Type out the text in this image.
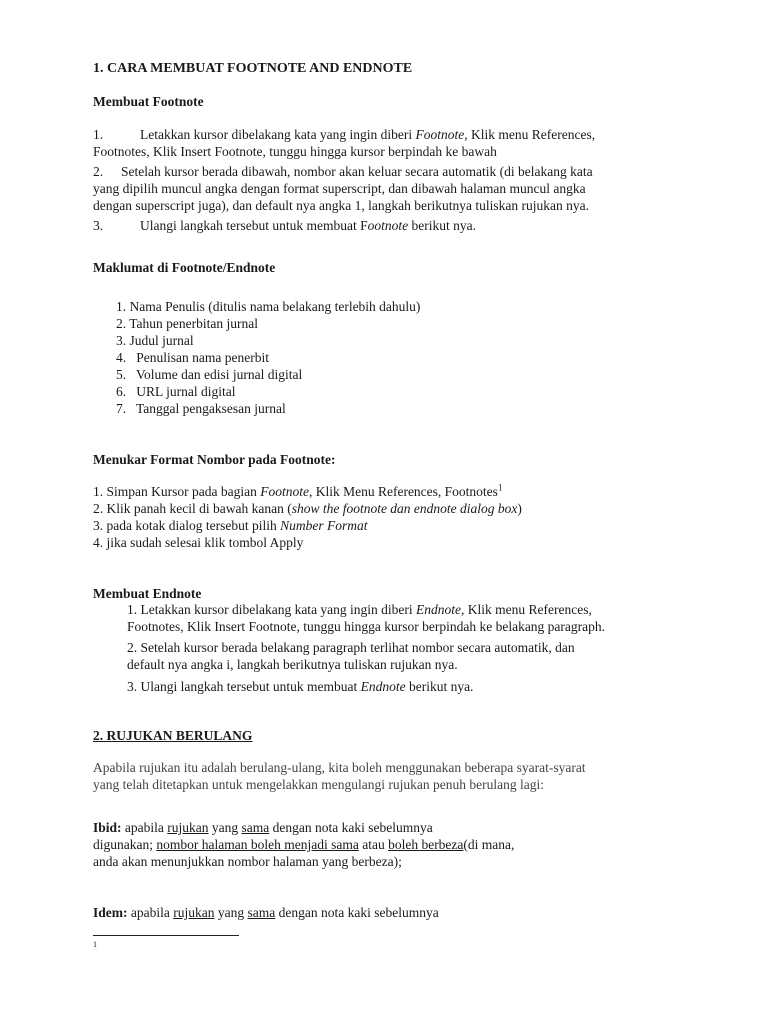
1. CARA MEMBUAT FOOTNOTE AND ENDNOTE
Membuat Footnote

1.	Letakkan kursor dibelakang kata yang ingin diberi Footnote, Klik menu References,

Footnotes, Klik Insert Footnote, tunggu hingga kursor berpindah ke bawah

2. Setelah kursor berada dibawah, nombor akan keluar secara automatik (di belakang kata

yang dipilih muncul angka dengan format superscript, dan dibawah halaman muncul angka

dengan superscript juga), dan default nya angka 1, langkah berikutnya tuliskan rujukan nya.

3.	Ulangi langkah tersebut untuk membuat Footnote berikut nya.

Maklumat di Footnote/Endnote
1. Nama Penulis (ditulis nama belakang terlebih dahulu)
2. Tahun penerbitan jurnal
3. Judul jurnal
4.   Penulisan nama penerbit
5.   Volume dan edisi jurnal digital
6.   URL jurnal digital
7.   Tanggal pengaksesan jurnal
Menukar Format Nombor pada Footnote:

1. Simpan Kursor pada bagian Footnote, Klik Menu References, Footnotes$^1$

2. Klik panah kecil di bawah kanan (show the footnote dan endnote dialog box)

3. pada kotak dialog tersebut pilih Number Format

4. jika sudah selesai klik tombol Apply

Membuat Endnote

1. Letakkan kursor dibelakang kata yang ingin diberi Endnote, Klik menu References,

Footnotes, Klik Insert Footnote, tunggu hingga kursor berpindah ke belakang paragraph.

2. Setelah kursor berada belakang paragraph terlihat nombor secara automatik, dan

default nya angka i, langkah berikutnya tuliskan rujukan nya.

3. Ulangi langkah tersebut untuk membuat Endnote berikut nya.

2. RUJUKAN BERULANG

Apabila rujukan itu adalah berulang-ulang, kita boleh menggunakan beberapa syarat-syarat

yang telah ditetapkan untuk mengelakkan mengulangi rujukan penuh berulang lagi:

Ibid: apabila rujukan yang sama dengan nota kaki sebelumnya

digunakan; nombor halaman boleh menjadi sama atau boleh berbeza(di mana,

anda akan menunjukkan nombor halaman yang berbeza);

Idem: apabila rujukan yang sama dengan nota kaki sebelumnya

1
